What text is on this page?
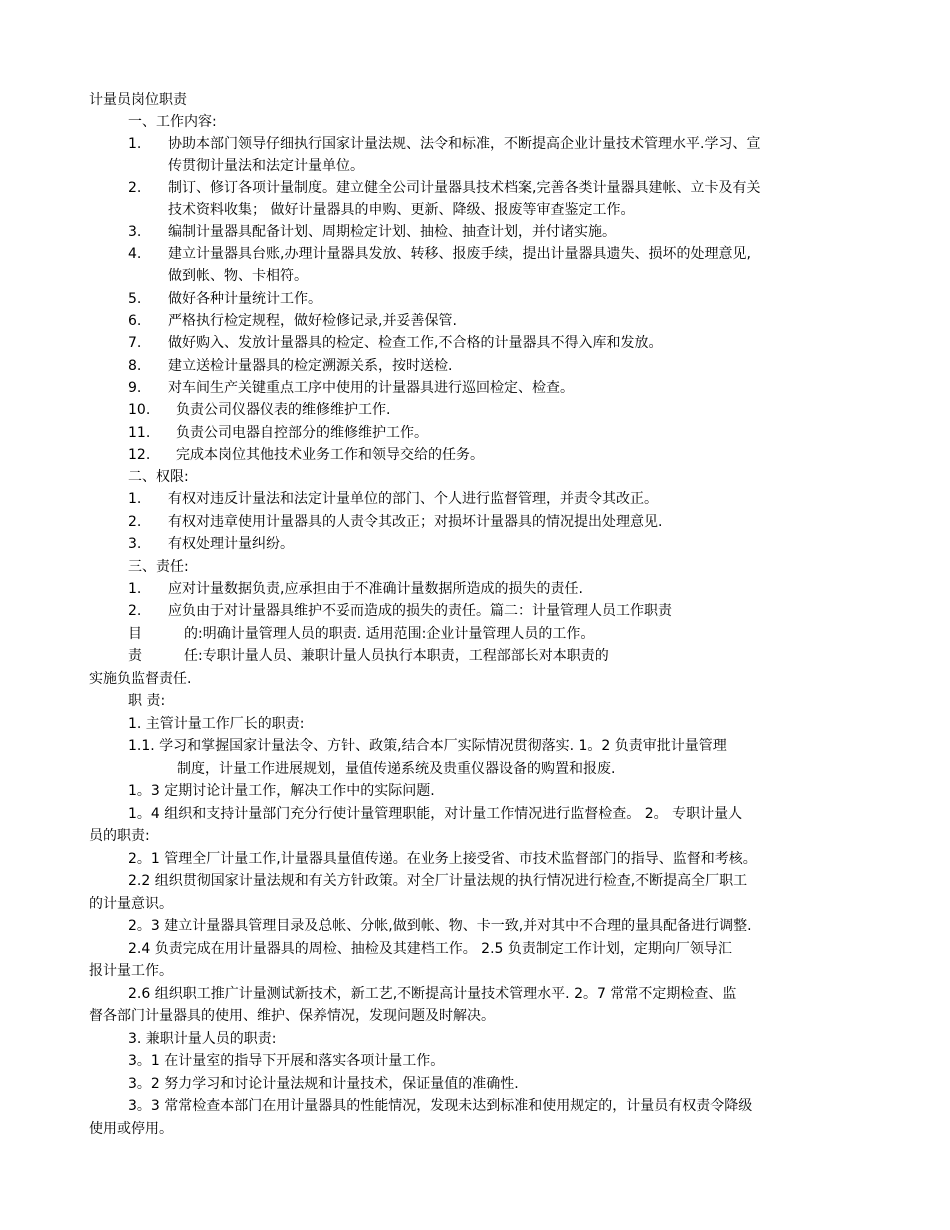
计量员岗位职责
一、工作内容:
1. 协助本部门领导仔细执行国家计量法规、法令和标准，不断提高企业计量技术管理水平.学习、宣
传贯彻计量法和法定计量单位。
2. 制订、修订各项计量制度。建立健全公司计量器具技术档案,完善各类计量器具建帐、立卡及有关
技术资料收集； 做好计量器具的申购、更新、降级、报废等审查鉴定工作。
3. 编制计量器具配备计划、周期检定计划、抽检、抽查计划，并付诸实施。
4. 建立计量器具台账,办理计量器具发放、转移、报废手续，提出计量器具遗失、损坏的处理意见,
做到帐、物、卡相符。
5. 做好各种计量统计工作。
6. 严格执行检定规程，做好检修记录,并妥善保管.
7. 做好购入、发放计量器具的检定、检查工作,不合格的计量器具不得入库和发放。
8. 建立送检计量器具的检定溯源关系，按时送检.
9. 对车间生产关键重点工序中使用的计量器具进行巡回检定、检查。
10. 负责公司仪器仪表的维修维护工作.
11. 负责公司电器自控部分的维修维护工作。
12. 完成本岗位其他技术业务工作和领导交给的任务。
二、权限:
1. 有权对违反计量法和法定计量单位的部门、个人进行监督管理，并责令其改正。
2. 有权对违章使用计量器具的人责令其改正；对损坏计量器具的情况提出处理意见.
3. 有权处理计量纠纷。
三、责任:
1. 应对计量数据负责,应承担由于不准确计量数据所造成的损失的责任.
2. 应负由于对计量器具维护不妥而造成的损失的责任。篇二：计量管理人员工作职责
目	的:明确计量管理人员的职责. 适用范围:企业计量管理人员的工作。
责	任:专职计量人员、兼职计量人员执行本职责，工程部部长对本职责的
实施负监督责任.
职 责:
1. 主管计量工作厂长的职责:
1.1. 学习和掌握国家计量法令、方针、政策,结合本厂实际情况贯彻落实. 1。2 负责审批计量管理
制度，计量工作进展规划，量值传递系统及贵重仪器设备的购置和报废.
1。3 定期讨论计量工作，解决工作中的实际问题.
1。4 组织和支持计量部门充分行使计量管理职能，对计量工作情况进行监督检查。 2。 专职计量人
员的职责:
2。1 管理全厂计量工作,计量器具量值传递。在业务上接受省、市技术监督部门的指导、监督和考核。
2.2 组织贯彻国家计量法规和有关方针政策。对全厂计量法规的执行情况进行检查,不断提高全厂职工
的计量意识。
2。3 建立计量器具管理目录及总帐、分帐,做到帐、物、卡一致,并对其中不合理的量具配备进行调整.
2.4 负责完成在用计量器具的周检、抽检及其建档工作。 2.5 负责制定工作计划，定期向厂领导汇
报计量工作。
2.6 组织职工推广计量测试新技术，新工艺,不断提高计量技术管理水平. 2。7 常常不定期检查、监
督各部门计量器具的使用、维护、保养情况，发现问题及时解决。
3. 兼职计量人员的职责:
3。1 在计量室的指导下开展和落实各项计量工作。
3。2 努力学习和讨论计量法规和计量技术，保证量值的准确性.
3。3 常常检查本部门在用计量器具的性能情况，发现未达到标准和使用规定的，计量员有权责令降级
使用或停用。
